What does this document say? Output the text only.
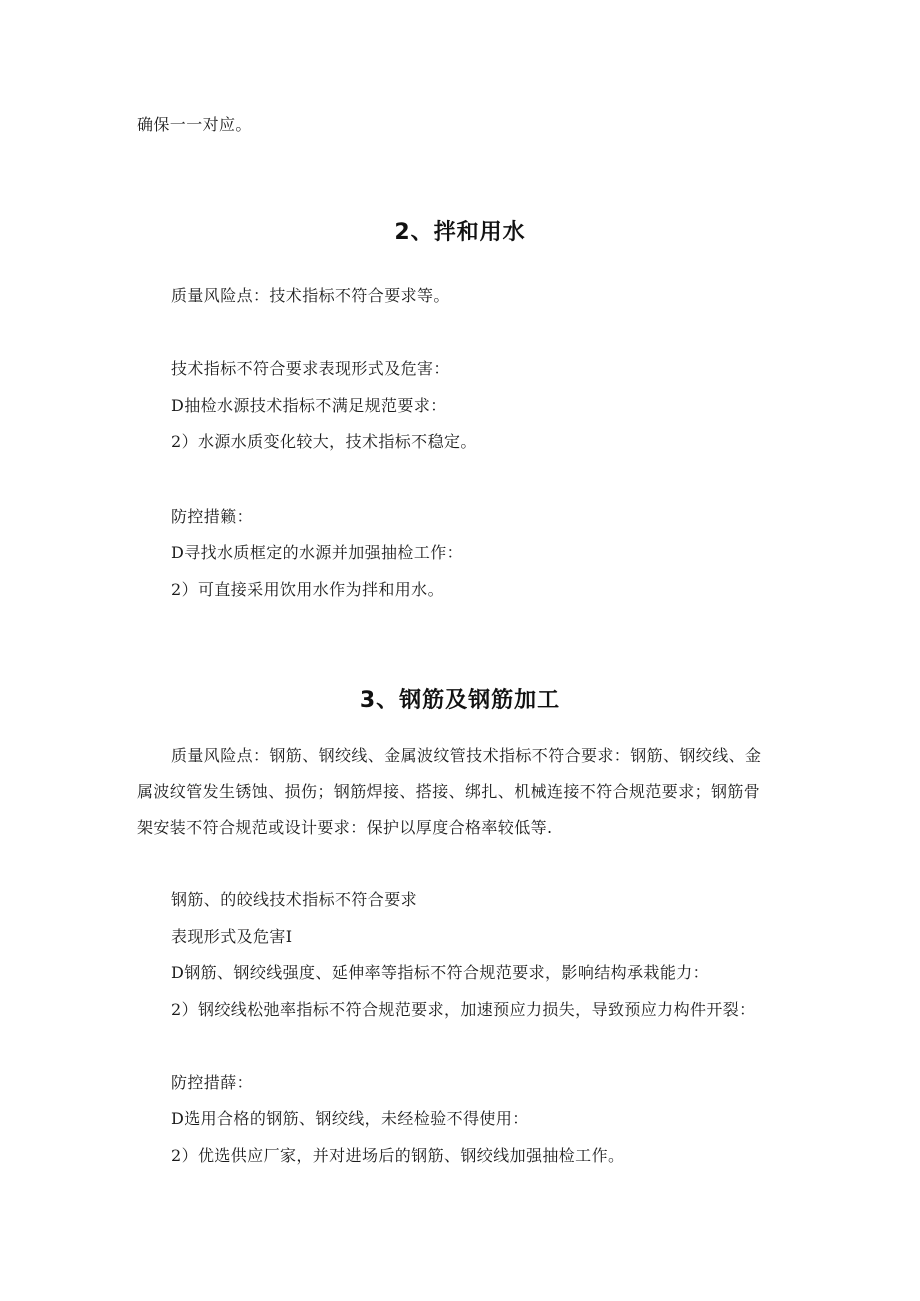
确保一一对应。
2、拌和用水
质量风险点：技术指标不符合要求等。
技术指标不符合要求表现形式及危害：
D抽检水源技术指标不满足规范要求：
2）水源水质变化较大，技术指标不稳定。
防控措籁：
D寻找水质框定的水源并加强抽检工作：
2）可直接采用饮用水作为拌和用水。
3、钢筋及钢筋加工
质量风险点：钢筋、钢绞线、金属波纹管技术指标不符合要求：钢筋、钢绞线、金
属波纹管发生锈蚀、损伤；钢筋焊接、搭接、绑扎、机械连接不符合规范要求；钢筋骨
架安装不符合规范或设计要求：保护以厚度合格率较低等.
钢筋、的皎线技术指标不符合要求
表现形式及危害I
D钢筋、钢绞线强度、延伸率等指标不符合规范要求，影响结构承栽能力：
2）钢绞线松弛率指标不符合规范要求，加速预应力损失，导致预应力构件开裂：
防控措薛：
D选用合格的钢筋、钢绞线，未经检验不得使用：
2）优选供应厂家，并对进场后的钢筋、钢绞线加强抽检工作。
